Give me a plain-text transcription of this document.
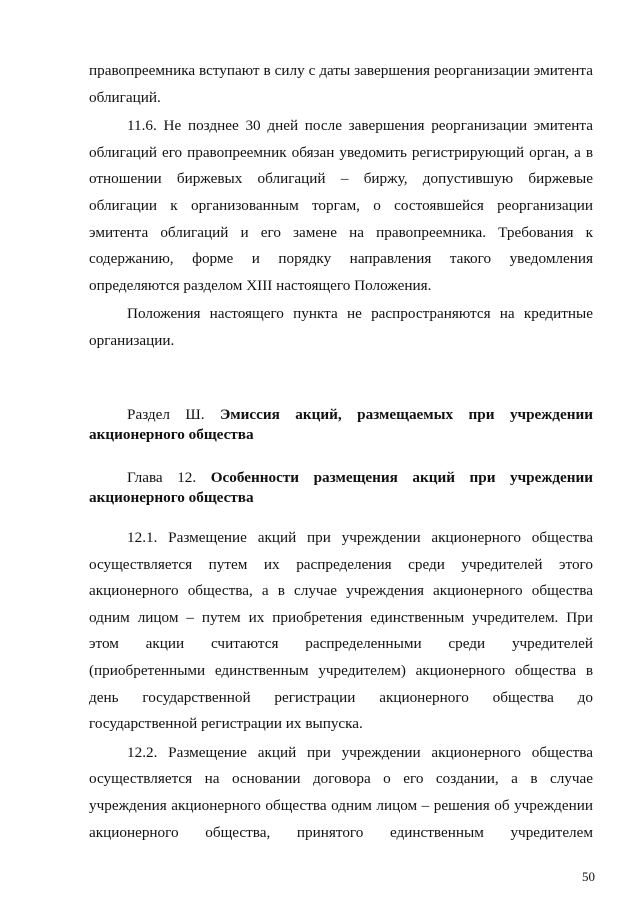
правопреемника вступают в силу с даты завершения реорганизации эмитента облигаций.

11.6. Не позднее 30 дней после завершения реорганизации эмитента облигаций его правопреемник обязан уведомить регистрирующий орган, а в отношении биржевых облигаций – биржу, допустившую биржевые облигации к организованным торгам, о состоявшейся реорганизации эмитента облигаций и его замене на правопреемника. Требования к содержанию, форме и порядку направления такого уведомления определяются разделом XIII настоящего Положения.

Положения настоящего пункта не распространяются на кредитные организации.

Раздел Ш. Эмиссия акций, размещаемых при учреждении акционерного общества

Глава 12. Особенности размещения акций при учреждении акционерного общества

12.1. Размещение акций при учреждении акционерного общества осуществляется путем их распределения среди учредителей этого акционерного общества, а в случае учреждения акционерного общества одним лицом – путем их приобретения единственным учредителем. При этом акции считаются распределенными среди учредителей (приобретенными единственным учредителем) акционерного общества в день государственной регистрации акционерного общества до государственной регистрации их выпуска.

12.2. Размещение акций при учреждении акционерного общества осуществляется на основании договора о его создании, а в случае учреждения акционерного общества одним лицом – решения об учреждении акционерного общества, принятого единственным учредителем

50
